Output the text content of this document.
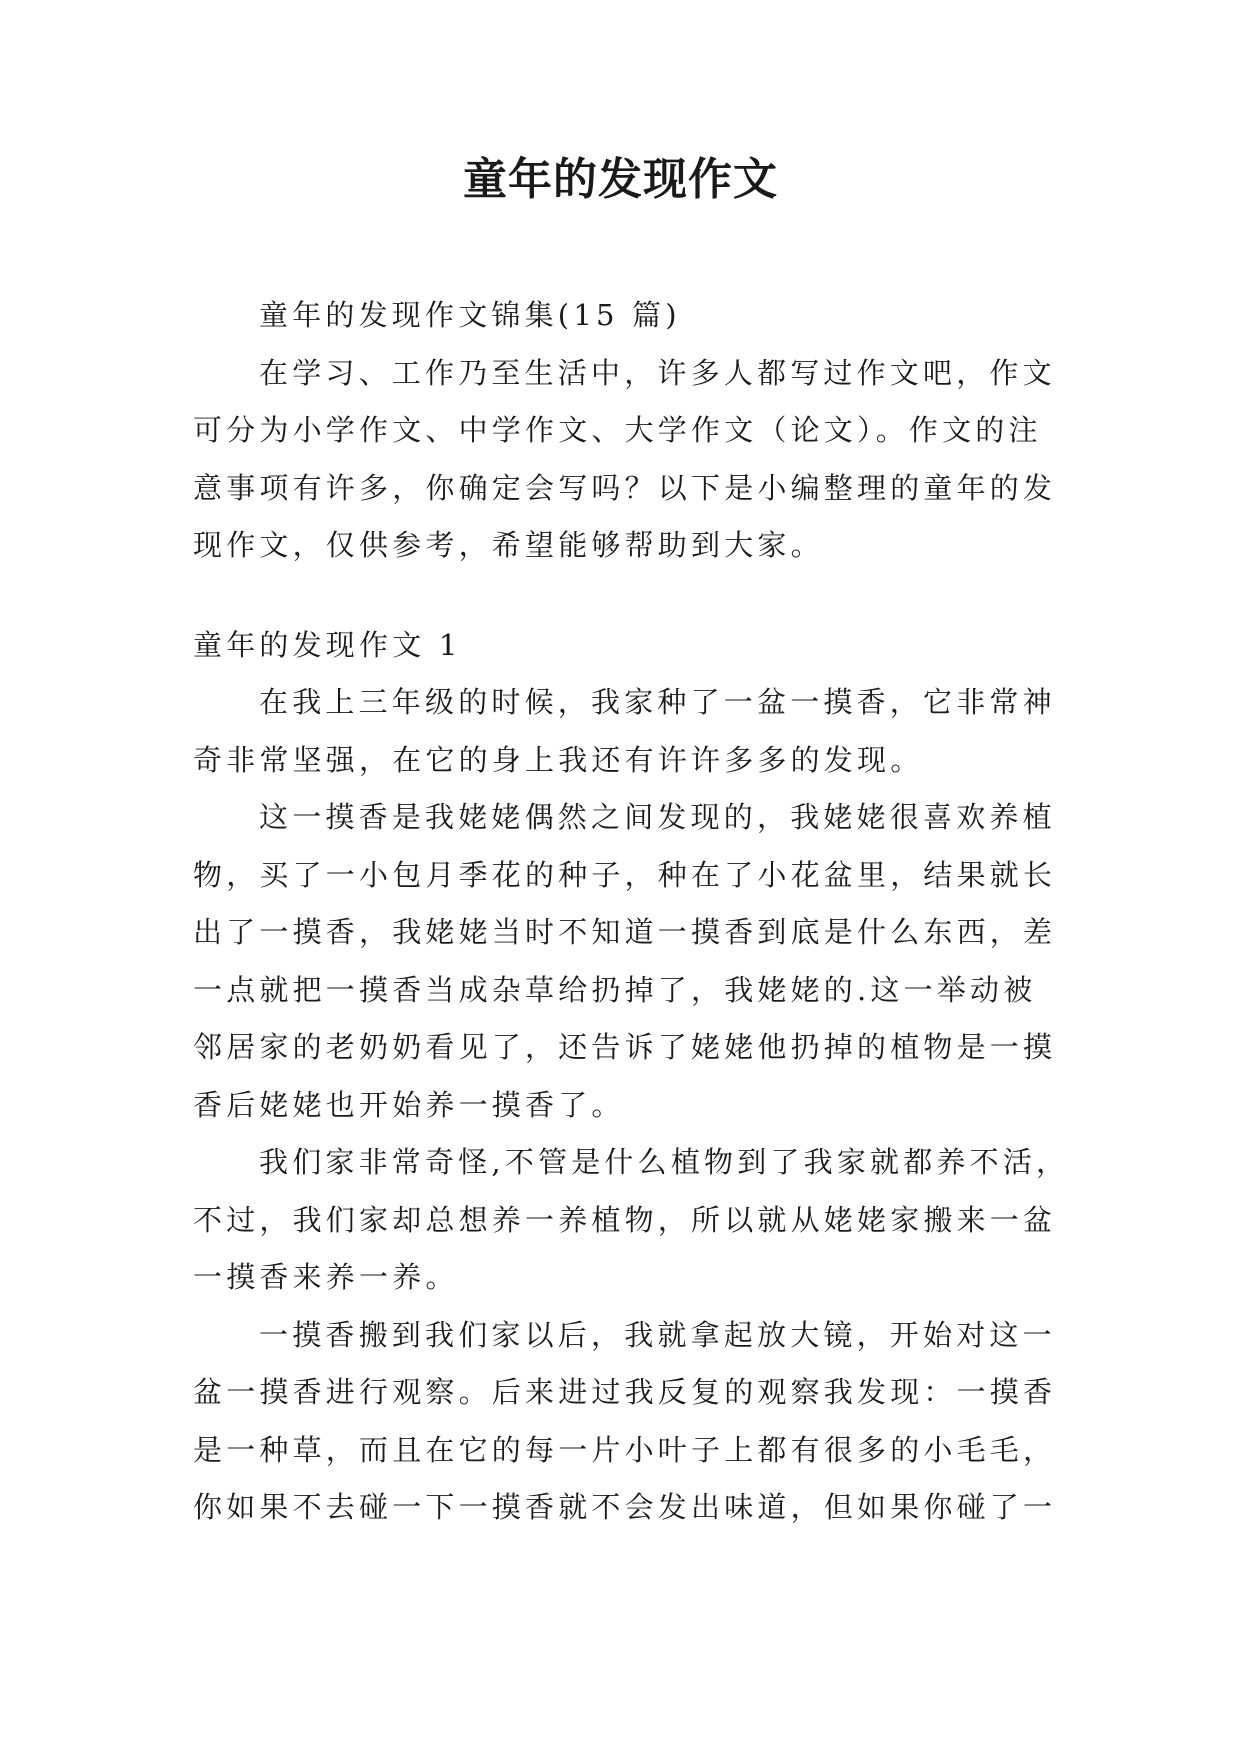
童年的发现作文
童年的发现作文锦集(15 篇)
在学习、工作乃至生活中，许多人都写过作文吧，作文
可分为小学作文、中学作文、大学作文（论文）。作文的注
意事项有许多，你确定会写吗？以下是小编整理的童年的发
现作文，仅供参考，希望能够帮助到大家。
童年的发现作文 1
在我上三年级的时候，我家种了一盆一摸香，它非常神
奇非常坚强，在它的身上我还有许许多多的发现。
这一摸香是我姥姥偶然之间发现的，我姥姥很喜欢养植
物，买了一小包月季花的种子，种在了小花盆里，结果就长
出了一摸香，我姥姥当时不知道一摸香到底是什么东西，差
一点就把一摸香当成杂草给扔掉了，我姥姥的.这一举动被
邻居家的老奶奶看见了，还告诉了姥姥他扔掉的植物是一摸
香后姥姥也开始养一摸香了。
我们家非常奇怪,不管是什么植物到了我家就都养不活，
不过，我们家却总想养一养植物，所以就从姥姥家搬来一盆
一摸香来养一养。
一摸香搬到我们家以后，我就拿起放大镜，开始对这一
盆一摸香进行观察。后来进过我反复的观察我发现：一摸香
是一种草，而且在它的每一片小叶子上都有很多的小毛毛，
你如果不去碰一下一摸香就不会发出味道，但如果你碰了一
